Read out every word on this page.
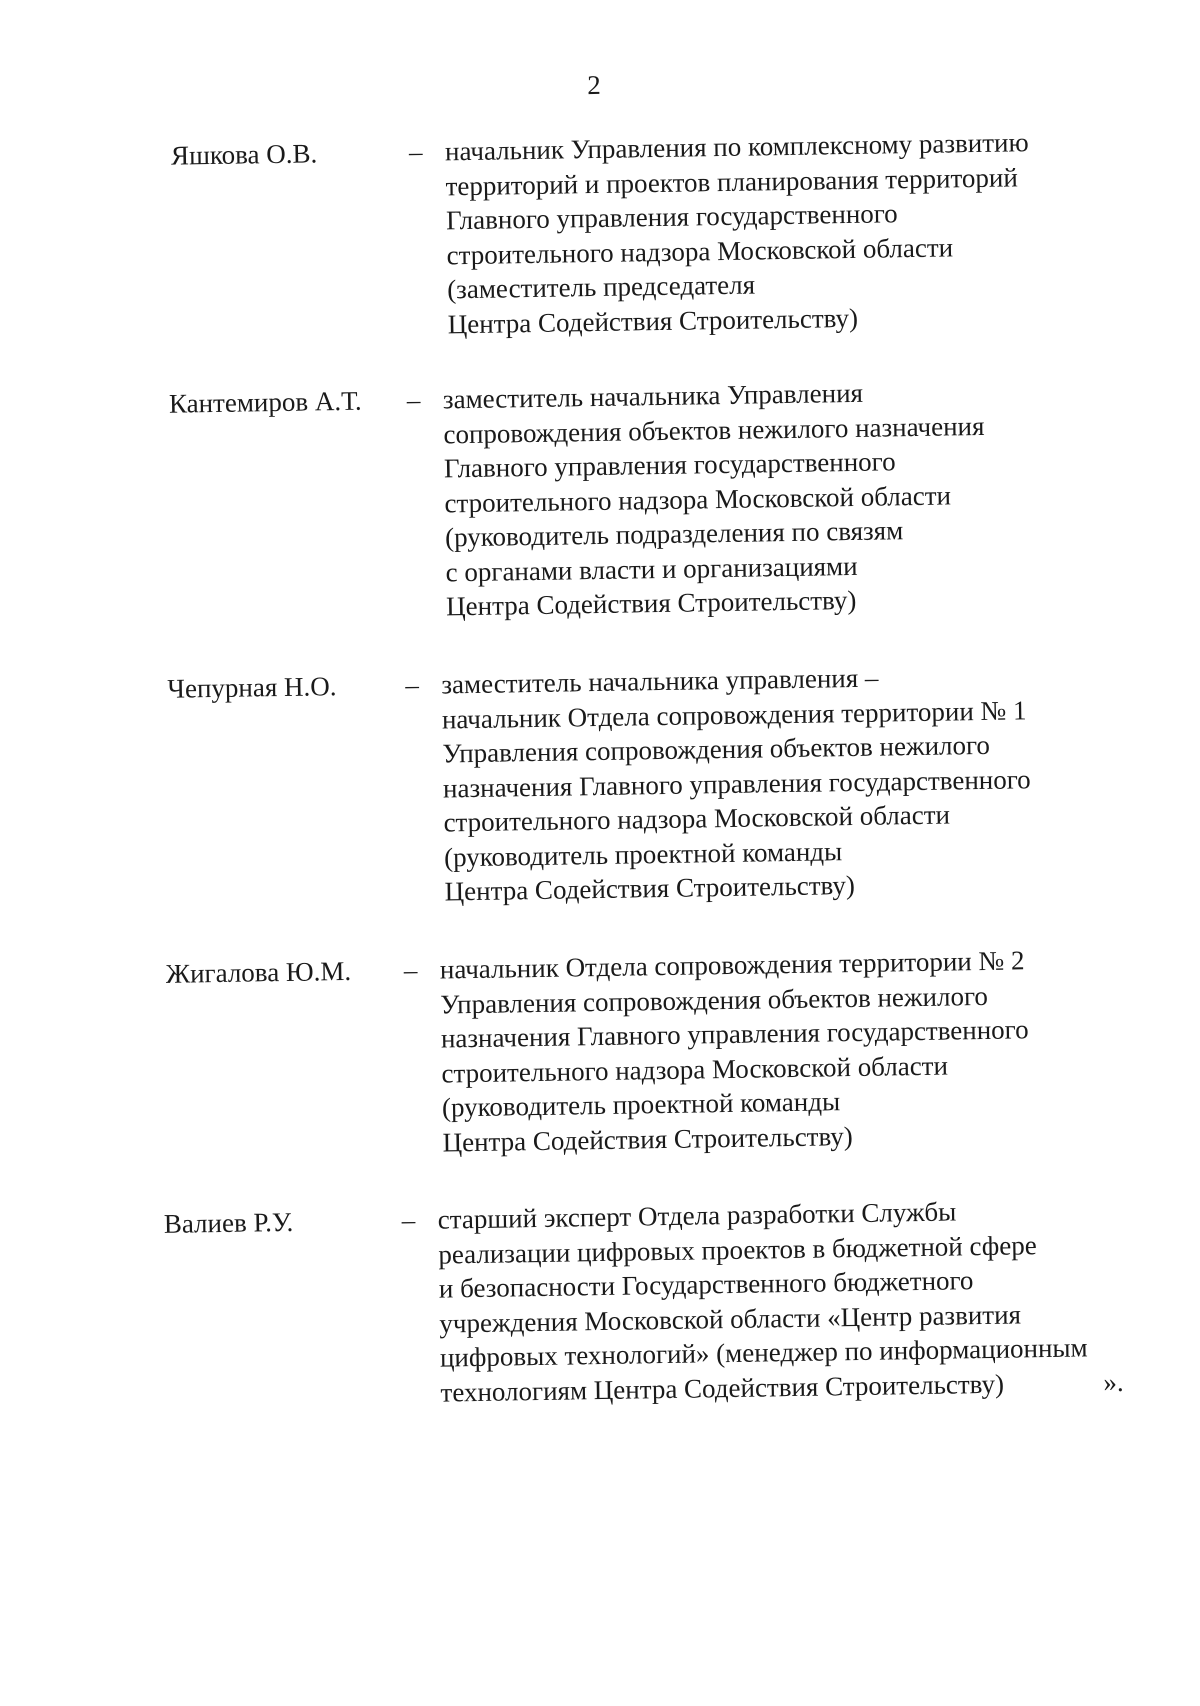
2
Яшкова О.В.	– начальник Управления по комплексному развитию
территорий и проектов планирования территорий
Главного управления государственного
строительного надзора Московской области
(заместитель председателя
Центра Содействия Строительству)
Кантемиров А.Т. – заместитель начальника Управления
сопровождения объектов нежилого назначения
Главного управления государственного
строительного надзора Московской области
(руководитель подразделения по связям
с органами власти и организациями
Центра Содействия Строительству)
Чепурная Н.О.	– заместитель начальника управления –
начальник Отдела сопровождения территории № 1
Управления сопровождения объектов нежилого
назначения Главного управления государственного
строительного надзора Московской области
(руководитель проектной команды
Центра Содействия Строительству)
Жигалова Ю.М. – начальник Отдела сопровождения территории № 2
Управления сопровождения объектов нежилого
назначения Главного управления государственного
строительного надзора Московской области
(руководитель проектной команды
Центра Содействия Строительству)
Валиев Р.У.	– старший эксперт Отдела разработки Службы
реализации цифровых проектов в бюджетной сфере
и безопасности Государственного бюджетного
учреждения Московской области «Центр развития
цифровых технологий» (менеджер по информационным
технологиям Центра Содействия Строительству)	».
